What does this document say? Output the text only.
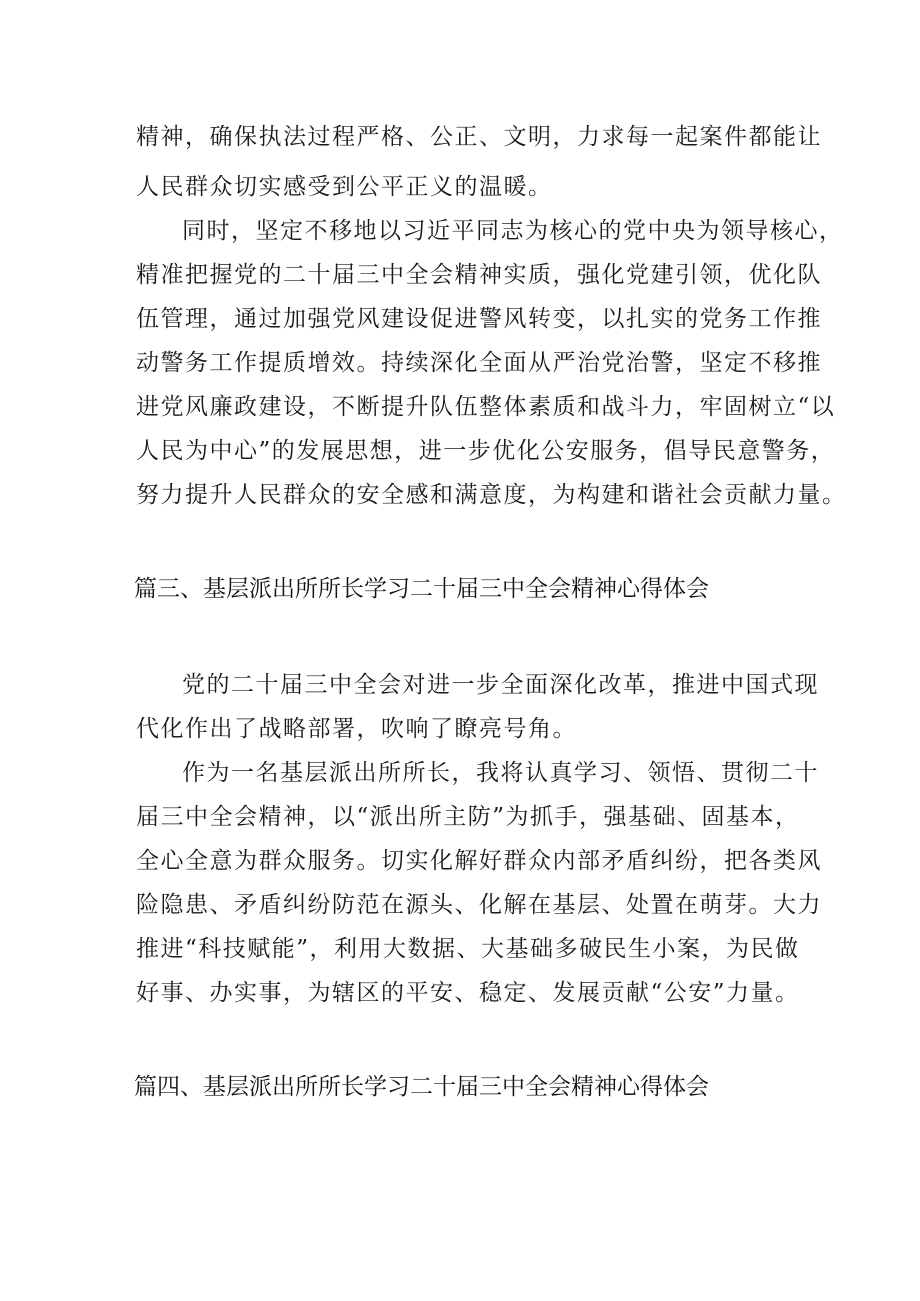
精神，确保执法过程严格、公正、文明，力求每一起案件都能让
人民群众切实感受到公平正义的温暖。
同时，坚定不移地以习近平同志为核心的党中央为领导核心，
精准把握党的二十届三中全会精神实质，强化党建引领，优化队
伍管理，通过加强党风建设促进警风转变，以扎实的党务工作推
动警务工作提质增效。持续深化全面从严治党治警，坚定不移推
进党风廉政建设，不断提升队伍整体素质和战斗力，牢固树立“以
人民为中心”的发展思想，进一步优化公安服务，倡导民意警务，
努力提升人民群众的安全感和满意度，为构建和谐社会贡献力量。
篇三、基层派出所所长学习二十届三中全会精神心得体会
党的二十届三中全会对进一步全面深化改革，推进中国式现
代化作出了战略部署，吹响了瞭亮号角。
作为一名基层派出所所长，我将认真学习、领悟、贯彻二十
届三中全会精神，以“派出所主防”为抓手，强基础、固基本，
全心全意为群众服务。切实化解好群众内部矛盾纠纷，把各类风
险隐患、矛盾纠纷防范在源头、化解在基层、处置在萌芽。大力
推进“科技赋能”，利用大数据、大基础多破民生小案，为民做
好事、办实事，为辖区的平安、稳定、发展贡献“公安”力量。
篇四、基层派出所所长学习二十届三中全会精神心得体会
